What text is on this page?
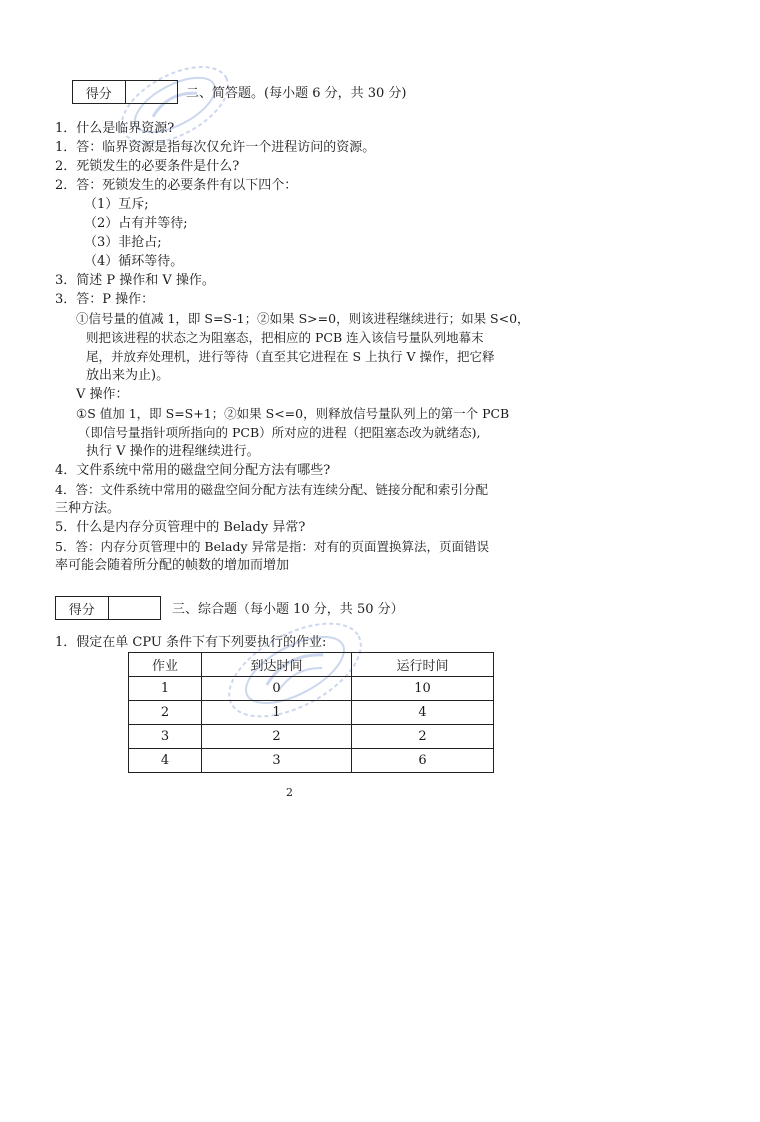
得分	二、简答题。(每小题 6 分，共 30 分)
1．什么是临界资源?
1．答：临界资源是指每次仅允许一个进程访问的资源。
2．死锁发生的必要条件是什么?
2．答：死锁发生的必要条件有以下四个：
（1）互斥;
（2）占有并等待;
（3）非抢占;
（4）循环等待。
3．简述 P 操作和 V 操作。
3．答：P 操作：
①信号量的值减 1，即 S=S-1；②如果 S>=0，则该进程继续进行；如果 S<0，
则把该进程的状态之为阻塞态，把相应的 PCB 连入该信号量队列地幕末
尾，并放弃处理机，进行等待（直至其它进程在 S 上执行 V 操作，把它释
放出来为止)。
V 操作：
①S 值加 1，即 S=S+1；②如果 S<=0，则释放信号量队列上的第一个 PCB
（即信号量指针项所指向的 PCB）所对应的进程（把阻塞态改为就绪态),
执行 V 操作的进程继续进行。
4．文件系统中常用的磁盘空间分配方法有哪些?
4．答：文件系统中常用的磁盘空间分配方法有连续分配、链接分配和索引分配
三种方法。
5．什么是内存分页管理中的 Belady 异常?
5．答：内存分页管理中的 Belady 异常是指：对有的页面置换算法，页面错误
率可能会随着所分配的帧数的增加而增加
得分	三、综合题（每小题 10 分，共 50 分）
1．假定在单 CPU 条件下有下列要执行的作业:
作业	到达时间	运行时间
1	0	10
2	1	4
3	2	2
4	3	6
2
